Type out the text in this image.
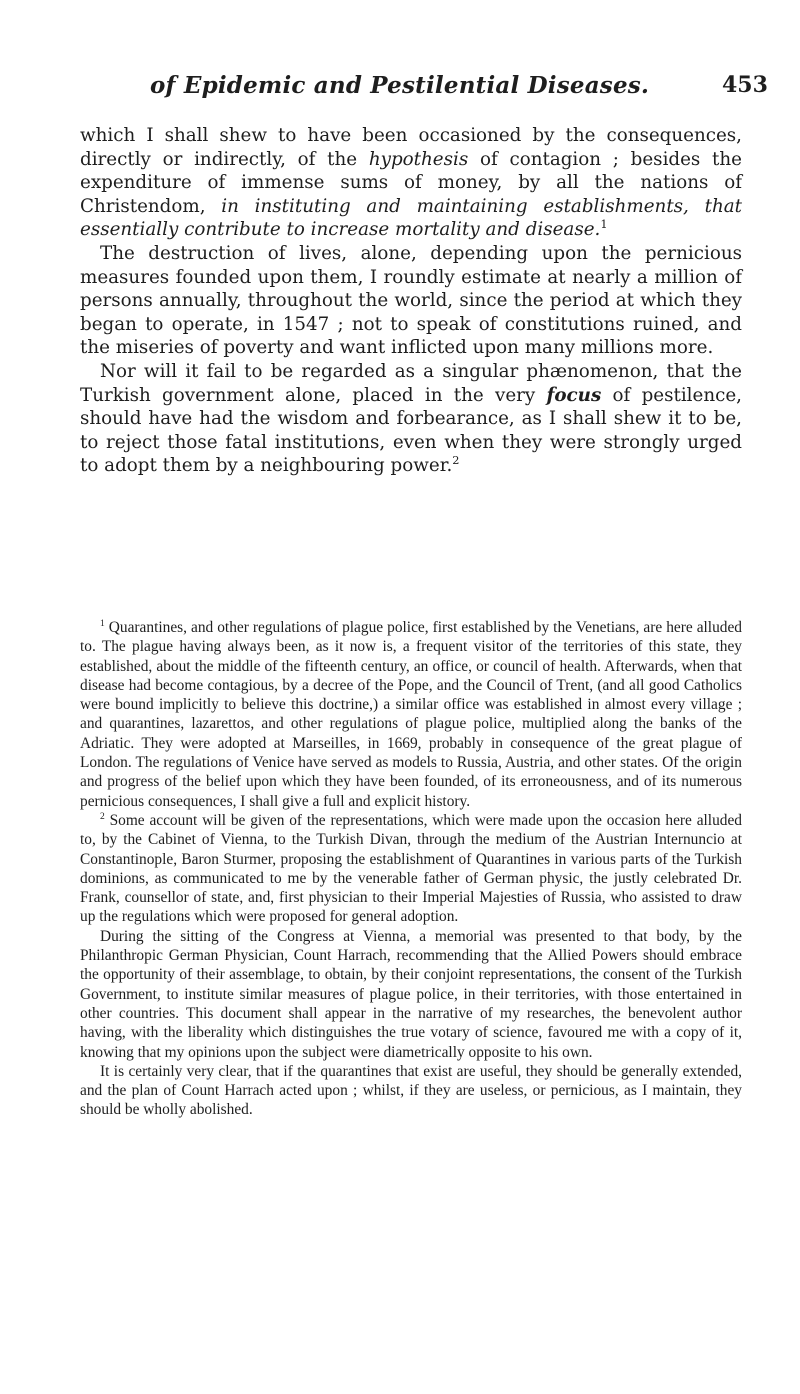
of Epidemic and Pestilential Diseases.	453

which I shall shew to have been occasioned by the consequences, directly or indirectly, of the hypothesis of contagion ; besides the expenditure of immense sums of money, by all the nations of Christendom, in instituting and maintaining establishments, that essentially contribute to increase mortality and disease.$^1$

The destruction of lives, alone, depending upon the pernicious measures founded upon them, I roundly estimate at nearly a million of persons annually, throughout the world, since the period at which they began to operate, in 1547 ; not to speak of constitutions ruined, and the miseries of poverty and want inflicted upon many millions more.

Nor will it fail to be regarded as a singular phænomenon, that the Turkish government alone, placed in the very focus of pestilence, should have had the wisdom and forbearance, as I shall shew it to be, to reject those fatal institutions, even when they were strongly urged to adopt them by a neighbouring power.$^2$

$^1$ Quarantines, and other regulations of plague police, first established by the Venetians, are here alluded to. The plague having always been, as it now is, a frequent visitor of the territories of this state, they established, about the middle of the fifteenth century, an office, or council of health. Afterwards, when that disease had become contagious, by a decree of the Pope, and the Council of Trent, (and all good Catholics were bound implicitly to believe this doctrine,) a similar office was established in almost every village ; and quarantines, lazarettos, and other regulations of plague police, multiplied along the banks of the Adriatic. They were adopted at Marseilles, in 1669, probably in consequence of the great plague of London. The regulations of Venice have served as models to Russia, Austria, and other states. Of the origin and progress of the belief upon which they have been founded, of its erroneousness, and of its numerous pernicious consequences, I shall give a full and explicit history.

$^2$ Some account will be given of the representations, which were made upon the occasion here alluded to, by the Cabinet of Vienna, to the Turkish Divan, through the medium of the Austrian Internuncio at Constantinople, Baron Sturmer, proposing the establishment of Quarantines in various parts of the Turkish dominions, as communicated to me by the venerable father of German physic, the justly celebrated Dr. Frank, counsellor of state, and, first physician to their Imperial Majesties of Russia, who assisted to draw up the regulations which were proposed for general adoption.

During the sitting of the Congress at Vienna, a memorial was presented to that body, by the Philanthropic German Physician, Count Harrach, recommending that the Allied Powers should embrace the opportunity of their assemblage, to obtain, by their conjoint representations, the consent of the Turkish Government, to institute similar measures of plague police, in their territories, with those entertained in other countries. This document shall appear in the narrative of my researches, the benevolent author having, with the liberality which distinguishes the true votary of science, favoured me with a copy of it, knowing that my opinions upon the subject were diametrically opposite to his own.

It is certainly very clear, that if the quarantines that exist are useful, they should be generally extended, and the plan of Count Harrach acted upon ; whilst, if they are useless, or pernicious, as I maintain, they should be wholly abolished.
